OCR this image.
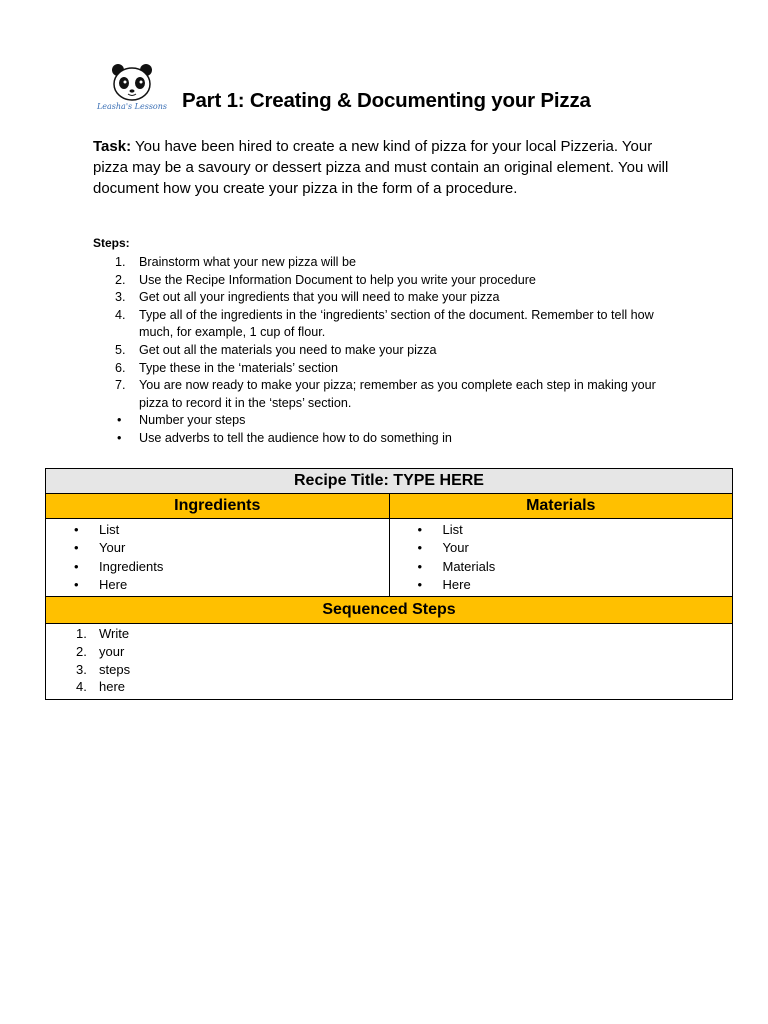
Leasha's Lessons Part 1: Creating & Documenting your Pizza
Task: You have been hired to create a new kind of pizza for your local Pizzeria. Your pizza may be a savoury or dessert pizza and must contain an original element. You will document how you create your pizza in the form of a procedure.
Steps:
1.	Brainstorm what your new pizza will be
2.	Use the Recipe Information Document to help you write your procedure
3.	Get out all your ingredients that you will need to make your pizza
4.	Type all of the ingredients in the ‘ingredients’ section of the document. Remember to tell how much, for example, 1 cup of flour.
5.	Get out all the materials you need to make your pizza
6.	Type these in the ‘materials’ section
7.	You are now ready to make your pizza; remember as you complete each step in making your pizza to record it in the ‘steps’ section.
•	Number your steps
•	Use adverbs to tell the audience how to do something in
Recipe Title: TYPE HERE
Ingredients
• List
• Your
• Ingredients
• Here
Materials
• List
• Your
• Materials
• Here
Sequenced Steps
1. Write
2. your
3. steps
4. here
